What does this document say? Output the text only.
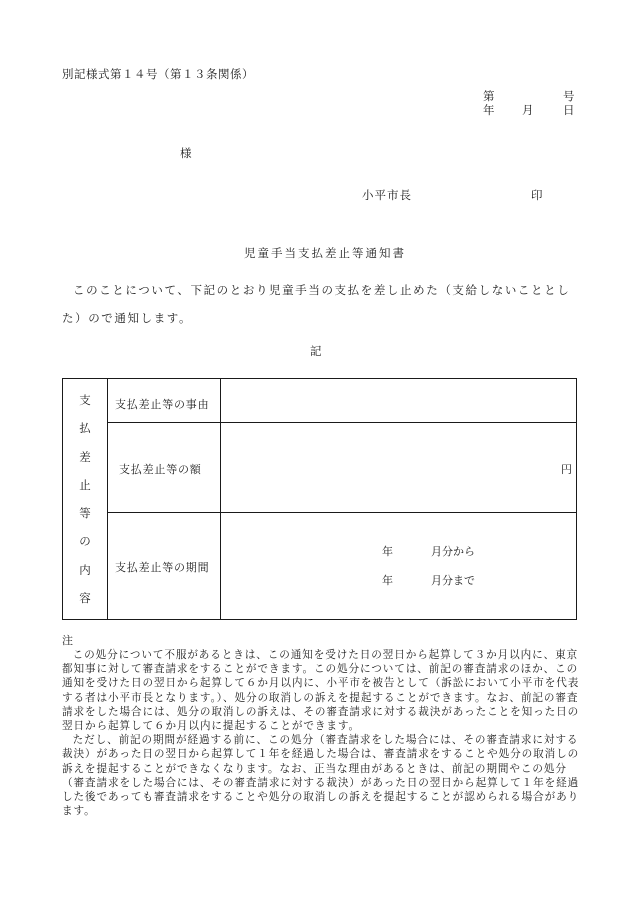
別記様式第１４号（第１３条関係）
第	号
年 月	日
様
小平市長	印
児童手当支払差止等通知書
このことについて、下記のとおり児童手当の支払を差し止めた（支給しないこととした）ので通知します。
記
支
払
差
止
等
の
内
容
支払差止等の事由
支払差止等の額	円
支払差止等の期間
年	月分から
年	月分まで
注

この処分について不服があるときは、この通知を受けた日の翌日から起算して３か月以内に、東京都知事に対して審査請求をすることができます。この処分については、前記の審査請求のほか、この通知を受けた日の翌日から起算して６か月以内に、小平市を被告として（訴訟において小平市を代表する者は小平市長となります。）、処分の取消しの訴えを提起することができます。なお、前記の審査請求をした場合には、処分の取消しの訴えは、その審査請求に対する裁決があったことを知った日の翌日から起算して６か月以内に提起することができます。

ただし、前記の期間が経過する前に、この処分（審査請求をした場合には、その審査請求に対する裁決）があった日の翌日から起算して１年を経過した場合は、審査請求をすることや処分の取消しの訴えを提起することができなくなります。なお、正当な理由があるときは、前記の期間やこの処分（審査請求をした場合には、その審査請求に対する裁決）があった日の翌日から起算して１年を経過した後であっても審査請求をすることや処分の取消しの訴えを提起することが認められる場合があります。
